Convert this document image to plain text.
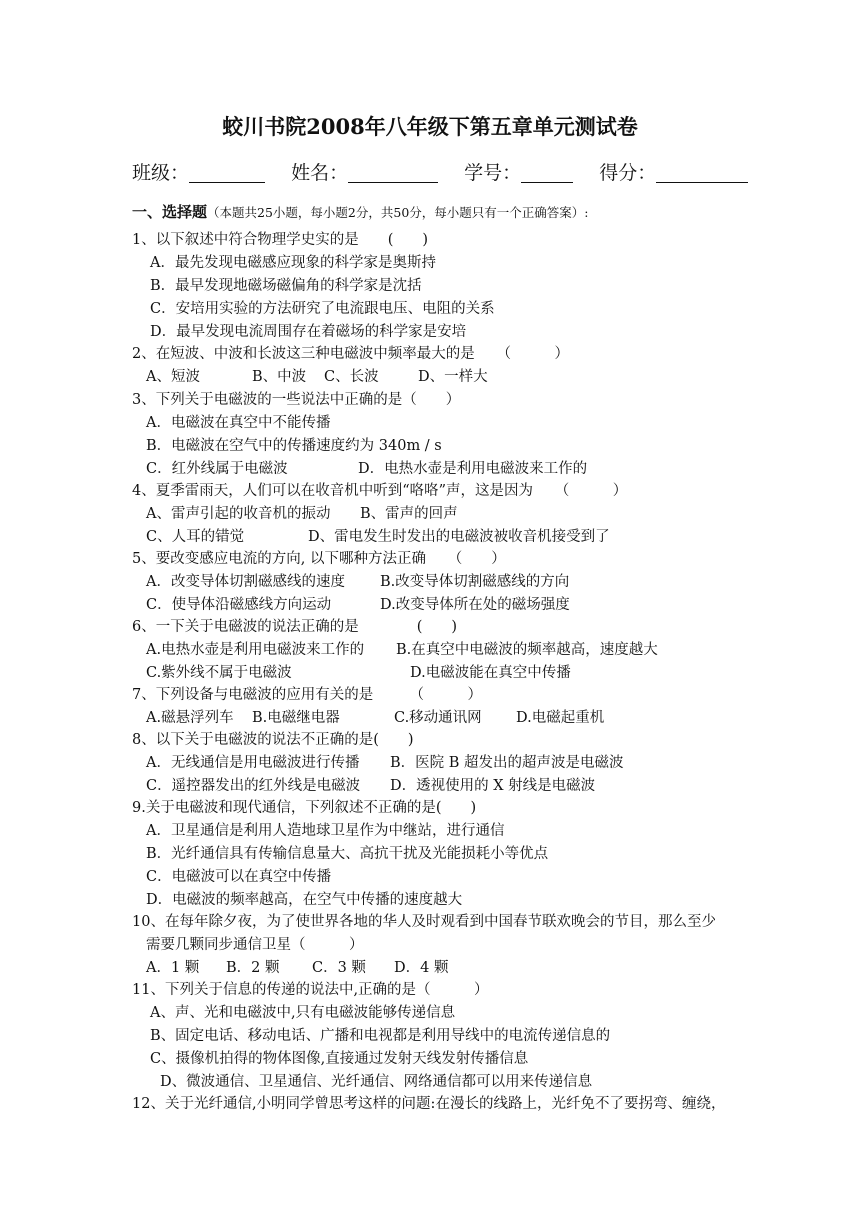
蛟川书院2008年八年级下第五章单元测试卷
班级：	姓名：	学号：	得分：
一、选择题（本题共25小题，每小题2分，共50分，每小题只有一个正确答案）:
1、以下叙述中符合物理学史实的是　　(　　)
A．最先发现电磁感应现象的科学家是奥斯持
B．最早发现地磁场磁偏角的科学家是沈括
C．安培用实验的方法研究了电流跟电压、电阻的关系
D．最早发现电流周围存在着磁场的科学家是安培
2、在短波、中波和长波这三种电磁波中频率最大的是　　（　　　）
A、短波	B、中波 C、长波	D、一样大
3、下列关于电磁波的一些说法中正确的是（　　）
A．电磁波在真空中不能传播
B．电磁波在空气中的传播速度约为 340m / s
C．红外线属于电磁波	D．电热水壶是利用电磁波来工作的
4、夏季雷雨天，人们可以在收音机中听到“咯咯”声，这是因为　　（　　　）
A、雷声引起的收音机的振动 B、雷声的回声
C、人耳的错觉	D、雷电发生时发出的电磁波被收音机接受到了
5、要改变感应电流的方向, 以下哪种方法正确　　（　　）
A．改变导体切割磁感线的速度 B.改变导体切割磁感线的方向
C．使导体沿磁感线方向运动	D.改变导体所在处的磁场强度
6、一下关于电磁波的说法正确的是　　　　(　　)
A.电热水壶是利用电磁波来工作的 B.在真空中电磁波的频率越高，速度越大
C.紫外线不属于电磁波	D.电磁波能在真空中传播
7、下列设备与电磁波的应用有关的是　　　（　　　）
A.磁悬浮列车 B.电磁继电器	C.移动通讯网 D.电磁起重机
8、以下关于电磁波的说法不正确的是(　　)
A．无线通信是用电磁波进行传播 B．医院 B 超发出的超声波是电磁波
C．遥控器发出的红外线是电磁波 D．透视使用的 X 射线是电磁波
9.关于电磁波和现代通信，下列叙述不正确的是(　　)
A．卫星通信是利用人造地球卫星作为中继站，进行通信
B．光纤通信具有传输信息量大、高抗干扰及光能损耗小等优点
C．电磁波可以在真空中传播
D．电磁波的频率越高，在空气中传播的速度越大
10、在每年除夕夜，为了使世界各地的华人及时观看到中国春节联欢晚会的节目，那么至少
需要几颗同步通信卫星（　　　）
A．1 颗 B．2 颗 C．3 颗 D．4 颗
11、下列关于信息的传递的说法中,正确的是（　　　）
A、声、光和电磁波中,只有电磁波能够传递信息
B、固定电话、移动电话、广播和电视都是利用导线中的电流传递信息的
C、摄像机拍得的物体图像,直接通过发射天线发射传播信息
D、微波通信、卫星通信、光纤通信、网络通信都可以用来传递信息
12、关于光纤通信,小明同学曾思考这样的问题:在漫长的线路上，光纤免不了要拐弯、缠绕，
